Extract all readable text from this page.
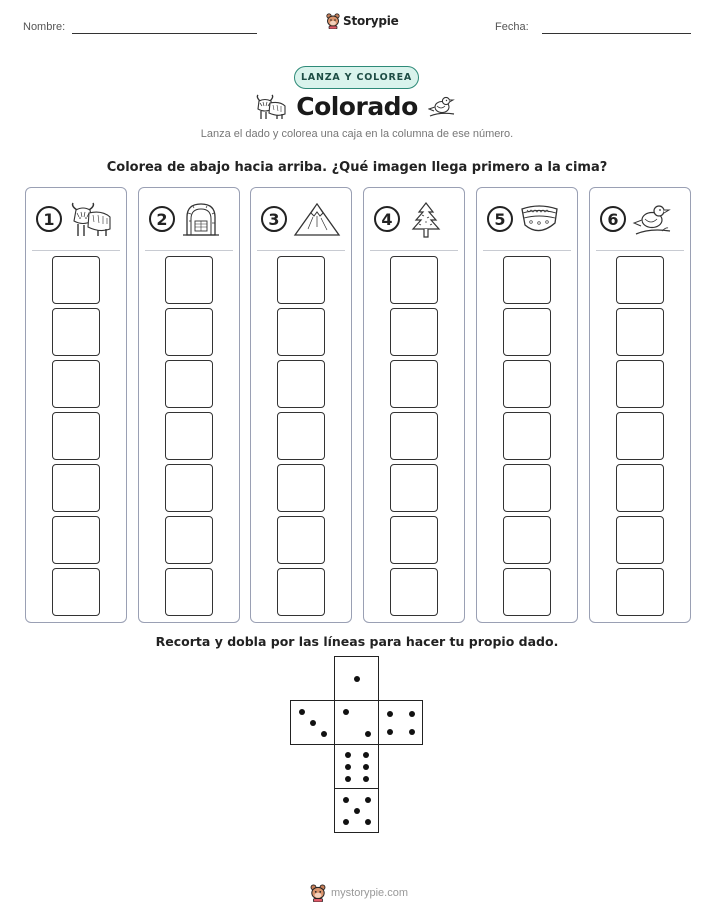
Nombre:	Storypie	Fecha:
LANZA Y COLOREA
Colorado
Lanza el dado y colorea una caja en la columna de ese número.
Colorea de abajo hacia arriba. ¿Qué imagen llega primero a la cima?
1	2	3	4	5	6
Recorta y dobla por las líneas para hacer tu propio dado.
mystorypie.com
